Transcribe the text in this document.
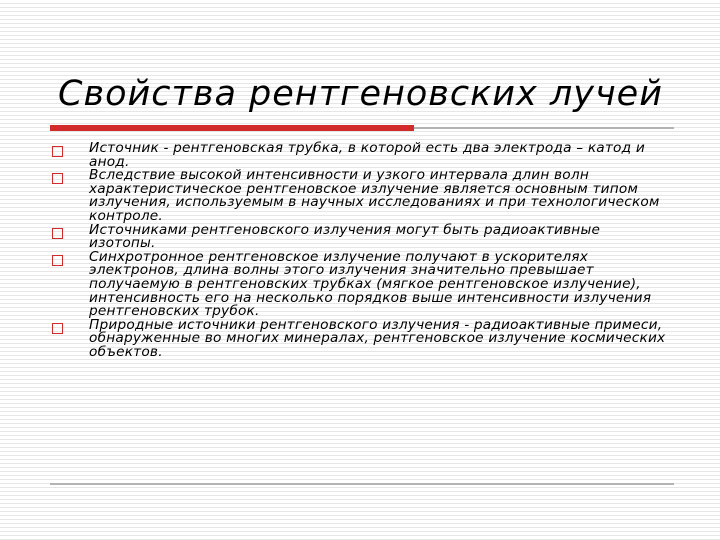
Свойства рентгеновских лучей
Источник - рентгеновская трубка, в которой есть два электрода – катод и анод.
Вследствие высокой интенсивности и узкого интервала длин волн характеристическое рентгеновское излучение является основным типом излучения, используемым в научных исследованиях и при технологическом контроле.
Источниками рентгеновского излучения могут быть радиоактивные изотопы.
Синхротронное рентгеновское излучение получают в ускорителях электронов, длина волны этого излучения значительно превышает получаемую в рентгеновских трубках (мягкое рентгеновское излучение), интенсивность его на несколько порядков выше интенсивности излучения рентгеновских трубок.
Природные источники рентгеновского излучения - радиоактивные примеси, обнаруженные во многих минералах, рентгеновское излучение космических объектов.
